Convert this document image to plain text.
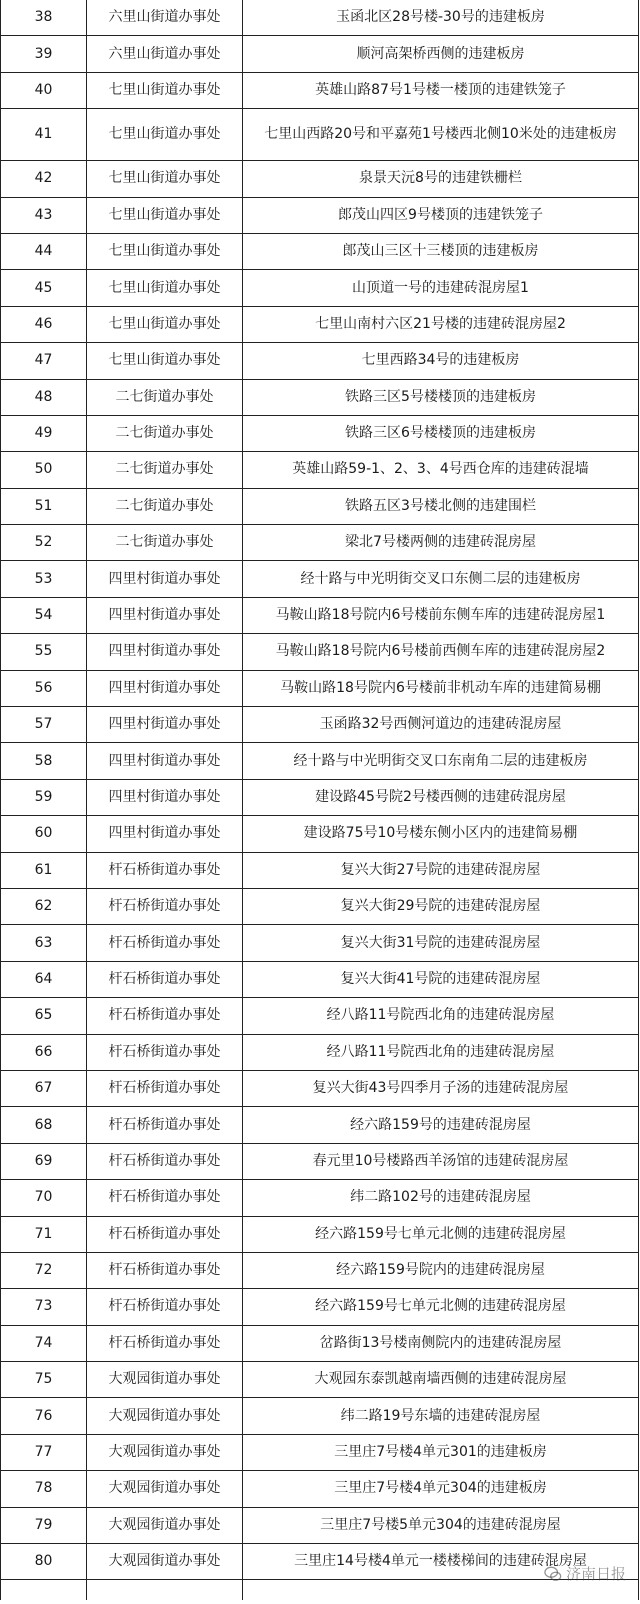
38	六里山街道办事处	玉函北区28号楼-30号的违建板房
39	六里山街道办事处	顺河高架桥西侧的违建板房
40	七里山街道办事处	英雄山路87号1号楼一楼顶的违建铁笼子
41	七里山街道办事处	七里山西路20号和平嘉苑1号楼西北侧10米处的违建板房
42	七里山街道办事处	泉景天沅8号的违建铁栅栏
43	七里山街道办事处	郎茂山四区9号楼顶的违建铁笼子
44	七里山街道办事处	郎茂山三区十三楼顶的违建板房
45	七里山街道办事处	山顶道一号的违建砖混房屋1
46	七里山街道办事处	七里山南村六区21号楼的违建砖混房屋2
47	七里山街道办事处	七里西路34号的违建板房
48	二七街道办事处	铁路三区5号楼楼顶的违建板房
49	二七街道办事处	铁路三区6号楼楼顶的违建板房
50	二七街道办事处	英雄山路59-1、2、3、4号西仓库的违建砖混墙
51	二七街道办事处	铁路五区3号楼北侧的违建围栏
52	二七街道办事处	梁北7号楼两侧的违建砖混房屋
53	四里村街道办事处	经十路与中光明街交叉口东侧二层的违建板房
54	四里村街道办事处	马鞍山路18号院内6号楼前东侧车库的违建砖混房屋1
55	四里村街道办事处	马鞍山路18号院内6号楼前西侧车库的违建砖混房屋2
56	四里村街道办事处	马鞍山路18号院内6号楼前非机动车库的违建简易棚
57	四里村街道办事处	玉函路32号西侧河道边的违建砖混房屋
58	四里村街道办事处	经十路与中光明街交叉口东南角二层的违建板房
59	四里村街道办事处	建设路45号院2号楼西侧的违建砖混房屋
60	四里村街道办事处	建设路75号10号楼东侧小区内的违建简易棚
61	杆石桥街道办事处	复兴大街27号院的违建砖混房屋
62	杆石桥街道办事处	复兴大街29号院的违建砖混房屋
63	杆石桥街道办事处	复兴大街31号院的违建砖混房屋
64	杆石桥街道办事处	复兴大街41号院的违建砖混房屋
65	杆石桥街道办事处	经八路11号院西北角的违建砖混房屋
66	杆石桥街道办事处	经八路11号院西北角的违建砖混房屋
67	杆石桥街道办事处	复兴大街43号四季月子汤的违建砖混房屋
68	杆石桥街道办事处	经六路159号的违建砖混房屋
69	杆石桥街道办事处	春元里10号楼路西羊汤馆的违建砖混房屋
70	杆石桥街道办事处	纬二路102号的违建砖混房屋
71	杆石桥街道办事处	经六路159号七单元北侧的违建砖混房屋
72	杆石桥街道办事处	经六路159号院内的违建砖混房屋
73	杆石桥街道办事处	经六路159号七单元北侧的违建砖混房屋
74	杆石桥街道办事处	岔路街13号楼南侧院内的违建砖混房屋
75	大观园街道办事处	大观园东泰凯越南墙西侧的违建砖混房屋
76	大观园街道办事处	纬二路19号东墙的违建砖混房屋
77	大观园街道办事处	三里庄7号楼4单元301的违建板房
78	大观园街道办事处	三里庄7号楼4单元304的违建板房
79	大观园街道办事处	三里庄7号楼5单元304的违建砖混房屋
80	大观园街道办事处	三里庄14号楼4单元一楼楼梯间的违建砖混房屋
济南日报
